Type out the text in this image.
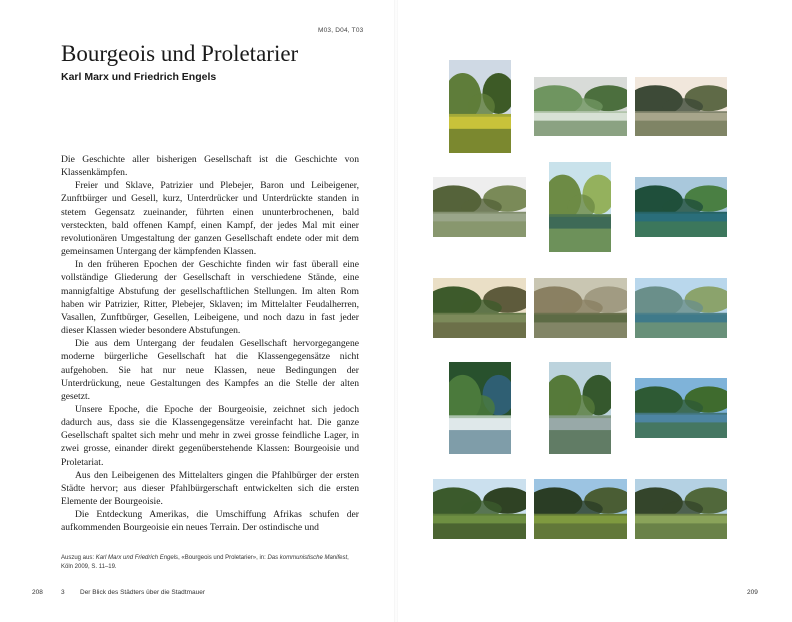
M03, D04, T03
Bourgeois und Proletarier
Karl Marx und Friedrich Engels

Die Geschichte aller bisherigen Gesellschaft ist die Geschichte von Klassenkämpfen.

Freier und Sklave, Patrizier und Plebejer, Baron und Leibeigener, Zunftbürger und Gesell, kurz, Unterdrücker und Unterdrückte standen in stetem Gegensatz zueinander, führten einen ununterbrochenen, bald versteckten, bald offenen Kampf, einen Kampf, der jedes Mal mit einer revolutionären Umgestaltung der ganzen Gesellschaft endete oder mit dem gemeinsamen Untergang der kämpfenden Klassen.

In den früheren Epochen der Geschichte finden wir fast überall eine vollständige Gliederung der Gesellschaft in verschiedene Stände, eine mannigfaltige Abstufung der gesellschaftlichen Stellungen. Im alten Rom haben wir Patrizier, Ritter, Plebejer, Sklaven; im Mittelalter Feudalherren, Vasallen, Zunftbürger, Gesellen, Leibeigene, und noch dazu in fast jeder dieser Klassen wieder besondere Abstufungen.

Die aus dem Untergang der feudalen Gesellschaft hervorgegangene moderne bürgerliche Gesellschaft hat die Klassengegensätze nicht aufgehoben. Sie hat nur neue Klassen, neue Bedingungen der Unterdrückung, neue Gestaltungen des Kampfes an die Stelle der alten gesetzt.

Unsere Epoche, die Epoche der Bourgeoisie, zeichnet sich jedoch dadurch aus, dass sie die Klassengegensätze vereinfacht hat. Die ganze Gesellschaft spaltet sich mehr und mehr in zwei grosse feindliche Lager, in zwei grosse, einander direkt gegenüberstehende Klassen: Bourgeoisie und Proletariat.

Aus den Leibeigenen des Mittelalters gingen die Pfahlbürger der ersten Städte hervor; aus dieser Pfahlbürgerschaft entwickelten sich die ersten Elemente der Bourgeoisie.

Die Entdeckung Amerikas, die Umschiffung Afrikas schufen der aufkommenden Bourgeoisie ein neues Terrain. Der ostindische und

Auszug aus: Karl Marx und Friedrich Engels, «Bourgeois und Proletarier», in: Das kommunistische Manifest, Köln 2009, S. 11–19.
208	3 Der Blick des Städters über die Stadtmauer	209
